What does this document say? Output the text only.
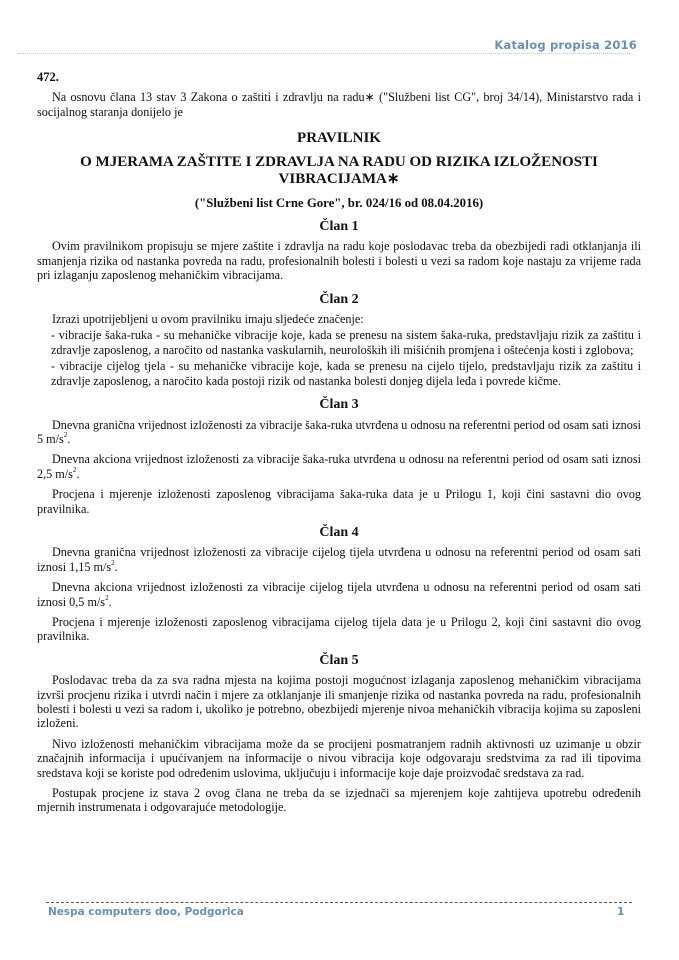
Katalog propisa 2016
472.

Na osnovu člana 13 stav 3 Zakona o zaštiti i zdravlju na radu∗ ("Službeni list CG", broj 34/14), Ministarstvo rada i socijalnog staranja donijelo je

PRAVILNIK
O MJERAMA ZAŠTITE I ZDRAVLJA NA RADU OD RIZIKA IZLOŽENOSTI VIBRACIJAMA∗
("Službeni list Crne Gore", br. 024/16 od 08.04.2016)
Član 1

Ovim pravilnikom propisuju se mjere zaštite i zdravlja na radu koje poslodavac treba da obezbijedi radi otklanjanja ili smanjenja rizika od nastanka povreda na radu, profesionalnih bolesti i bolesti u vezi sa radom koje nastaju za vrijeme rada pri izlaganju zaposlenog mehaničkim vibracijama.

Član 2

Izrazi upotrijebljeni u ovom pravilniku imaju sljedeće značenje:

- vibracije šaka-ruka - su mehaničke vibracije koje, kada se prenesu na sistem šaka-ruka, predstavljaju rizik za zaštitu i zdravlje zaposlenog, a naročito od nastanka vaskularnih, neuroloških ili mišićnih promjena i oštećenja kosti i zglobova;
- vibracije cijelog tjela - su mehaničke vibracije koje, kada se prenesu na cijelo tijelo, predstavljaju rizik za zaštitu i zdravlje zaposlenog, a naročito kada postoji rizik od nastanka bolesti donjeg dijela leđa i povrede kičme.
Član 3

Dnevna granična vrijednost izloženosti za vibracije šaka-ruka utvrđena u odnosu na referentni period od osam sati iznosi 5 $m/s^2$.

Dnevna akciona vrijednost izloženosti za vibracije šaka-ruka utvrđena u odnosu na referentni period od osam sati iznosi 2,5 $m/s^2$.

Procjena i mjerenje izloženosti zaposlenog vibracijama šaka-ruka data je u Prilogu 1, koji čini sastavni dio ovog pravilnika.

Član 4

Dnevna granična vrijednost izloženosti za vibracije cijelog tijela utvrđena u odnosu na referentni period od osam sati iznosi 1,15 $m/s^2$.

Dnevna akciona vrijednost izloženosti za vibracije cijelog tijela utvrđena u odnosu na referentni period od osam sati iznosi 0,5 $m/s^2$.

Procjena i mjerenje izloženosti zaposlenog vibracijama cijelog tijela data je u Prilogu 2, koji čini sastavni dio ovog pravilnika.

Član 5

Poslodavac treba da za sva radna mjesta na kojima postoji mogućnost izlaganja zaposlenog mehaničkim vibracijama izvrši procjenu rizika i utvrdi način i mjere za otklanjanje ili smanjenje rizika od nastanka povreda na radu, profesionalnih bolesti i bolesti u vezi sa radom i, ukoliko je potrebno, obezbijedi mjerenje nivoa mehaničkih vibracija kojima su zaposleni izloženi.

Nivo izloženosti mehaničkim vibracijama može da se procijeni posmatranjem radnih aktivnosti uz uzimanje u obzir značajnih informacija i upućivanjem na informacije o nivou vibracija koje odgovaraju sredstvima za rad ili tipovima sredstava koji se koriste pod određenim uslovima, uključuju i informacije koje daje proizvođač sredstava za rad.

Postupak procjene iz stava 2 ovog člana ne treba da se izjednači sa mjerenjem koje zahtijeva upotrebu određenih mjernih instrumenata i odgovarajuće metodologije.

Nespa computers doo, Podgorica	1
